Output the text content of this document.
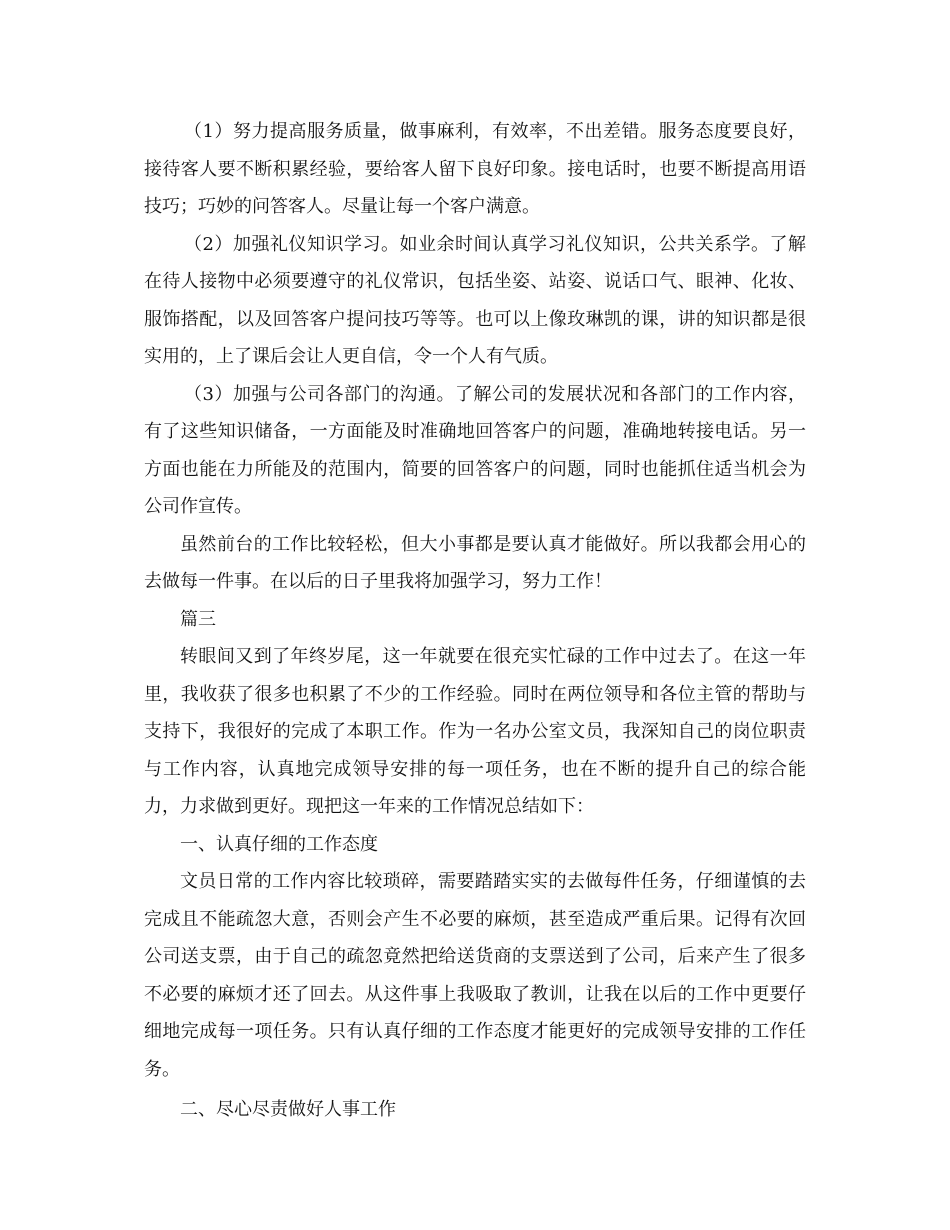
（1）努力提高服务质量，做事麻利，有效率，不出差错。服务态度要良好，接待客人要不断积累经验，要给客人留下良好印象。接电话时，也要不断提高用语技巧；巧妙的问答客人。尽量让每一个客户满意。

（2）加强礼仪知识学习。如业余时间认真学习礼仪知识，公共关系学。了解在待人接物中必须要遵守的礼仪常识，包括坐姿、站姿、说话口气、眼神、化妆、服饰搭配，以及回答客户提问技巧等等。也可以上像玫琳凯的课，讲的知识都是很实用的，上了课后会让人更自信，令一个人有气质。

（3）加强与公司各部门的沟通。了解公司的发展状况和各部门的工作内容，有了这些知识储备，一方面能及时准确地回答客户的问题，准确地转接电话。另一方面也能在力所能及的范围内，简要的回答客户的问题，同时也能抓住适当机会为公司作宣传。

虽然前台的工作比较轻松，但大小事都是要认真才能做好。所以我都会用心的去做每一件事。在以后的日子里我将加强学习，努力工作！

篇三

转眼间又到了年终岁尾，这一年就要在很充实忙碌的工作中过去了。在这一年里，我收获了很多也积累了不少的工作经验。同时在两位领导和各位主管的帮助与支持下，我很好的完成了本职工作。作为一名办公室文员，我深知自己的岗位职责与工作内容，认真地完成领导安排的每一项任务，也在不断的提升自己的综合能力，力求做到更好。现把这一年来的工作情况总结如下：

一、认真仔细的工作态度

文员日常的工作内容比较琐碎，需要踏踏实实的去做每件任务，仔细谨慎的去完成且不能疏忽大意，否则会产生不必要的麻烦，甚至造成严重后果。记得有次回公司送支票，由于自己的疏忽竟然把给送货商的支票送到了公司，后来产生了很多不必要的麻烦才还了回去。从这件事上我吸取了教训，让我在以后的工作中更要仔细地完成每一项任务。只有认真仔细的工作态度才能更好的完成领导安排的工作任务。

二、尽心尽责做好人事工作
